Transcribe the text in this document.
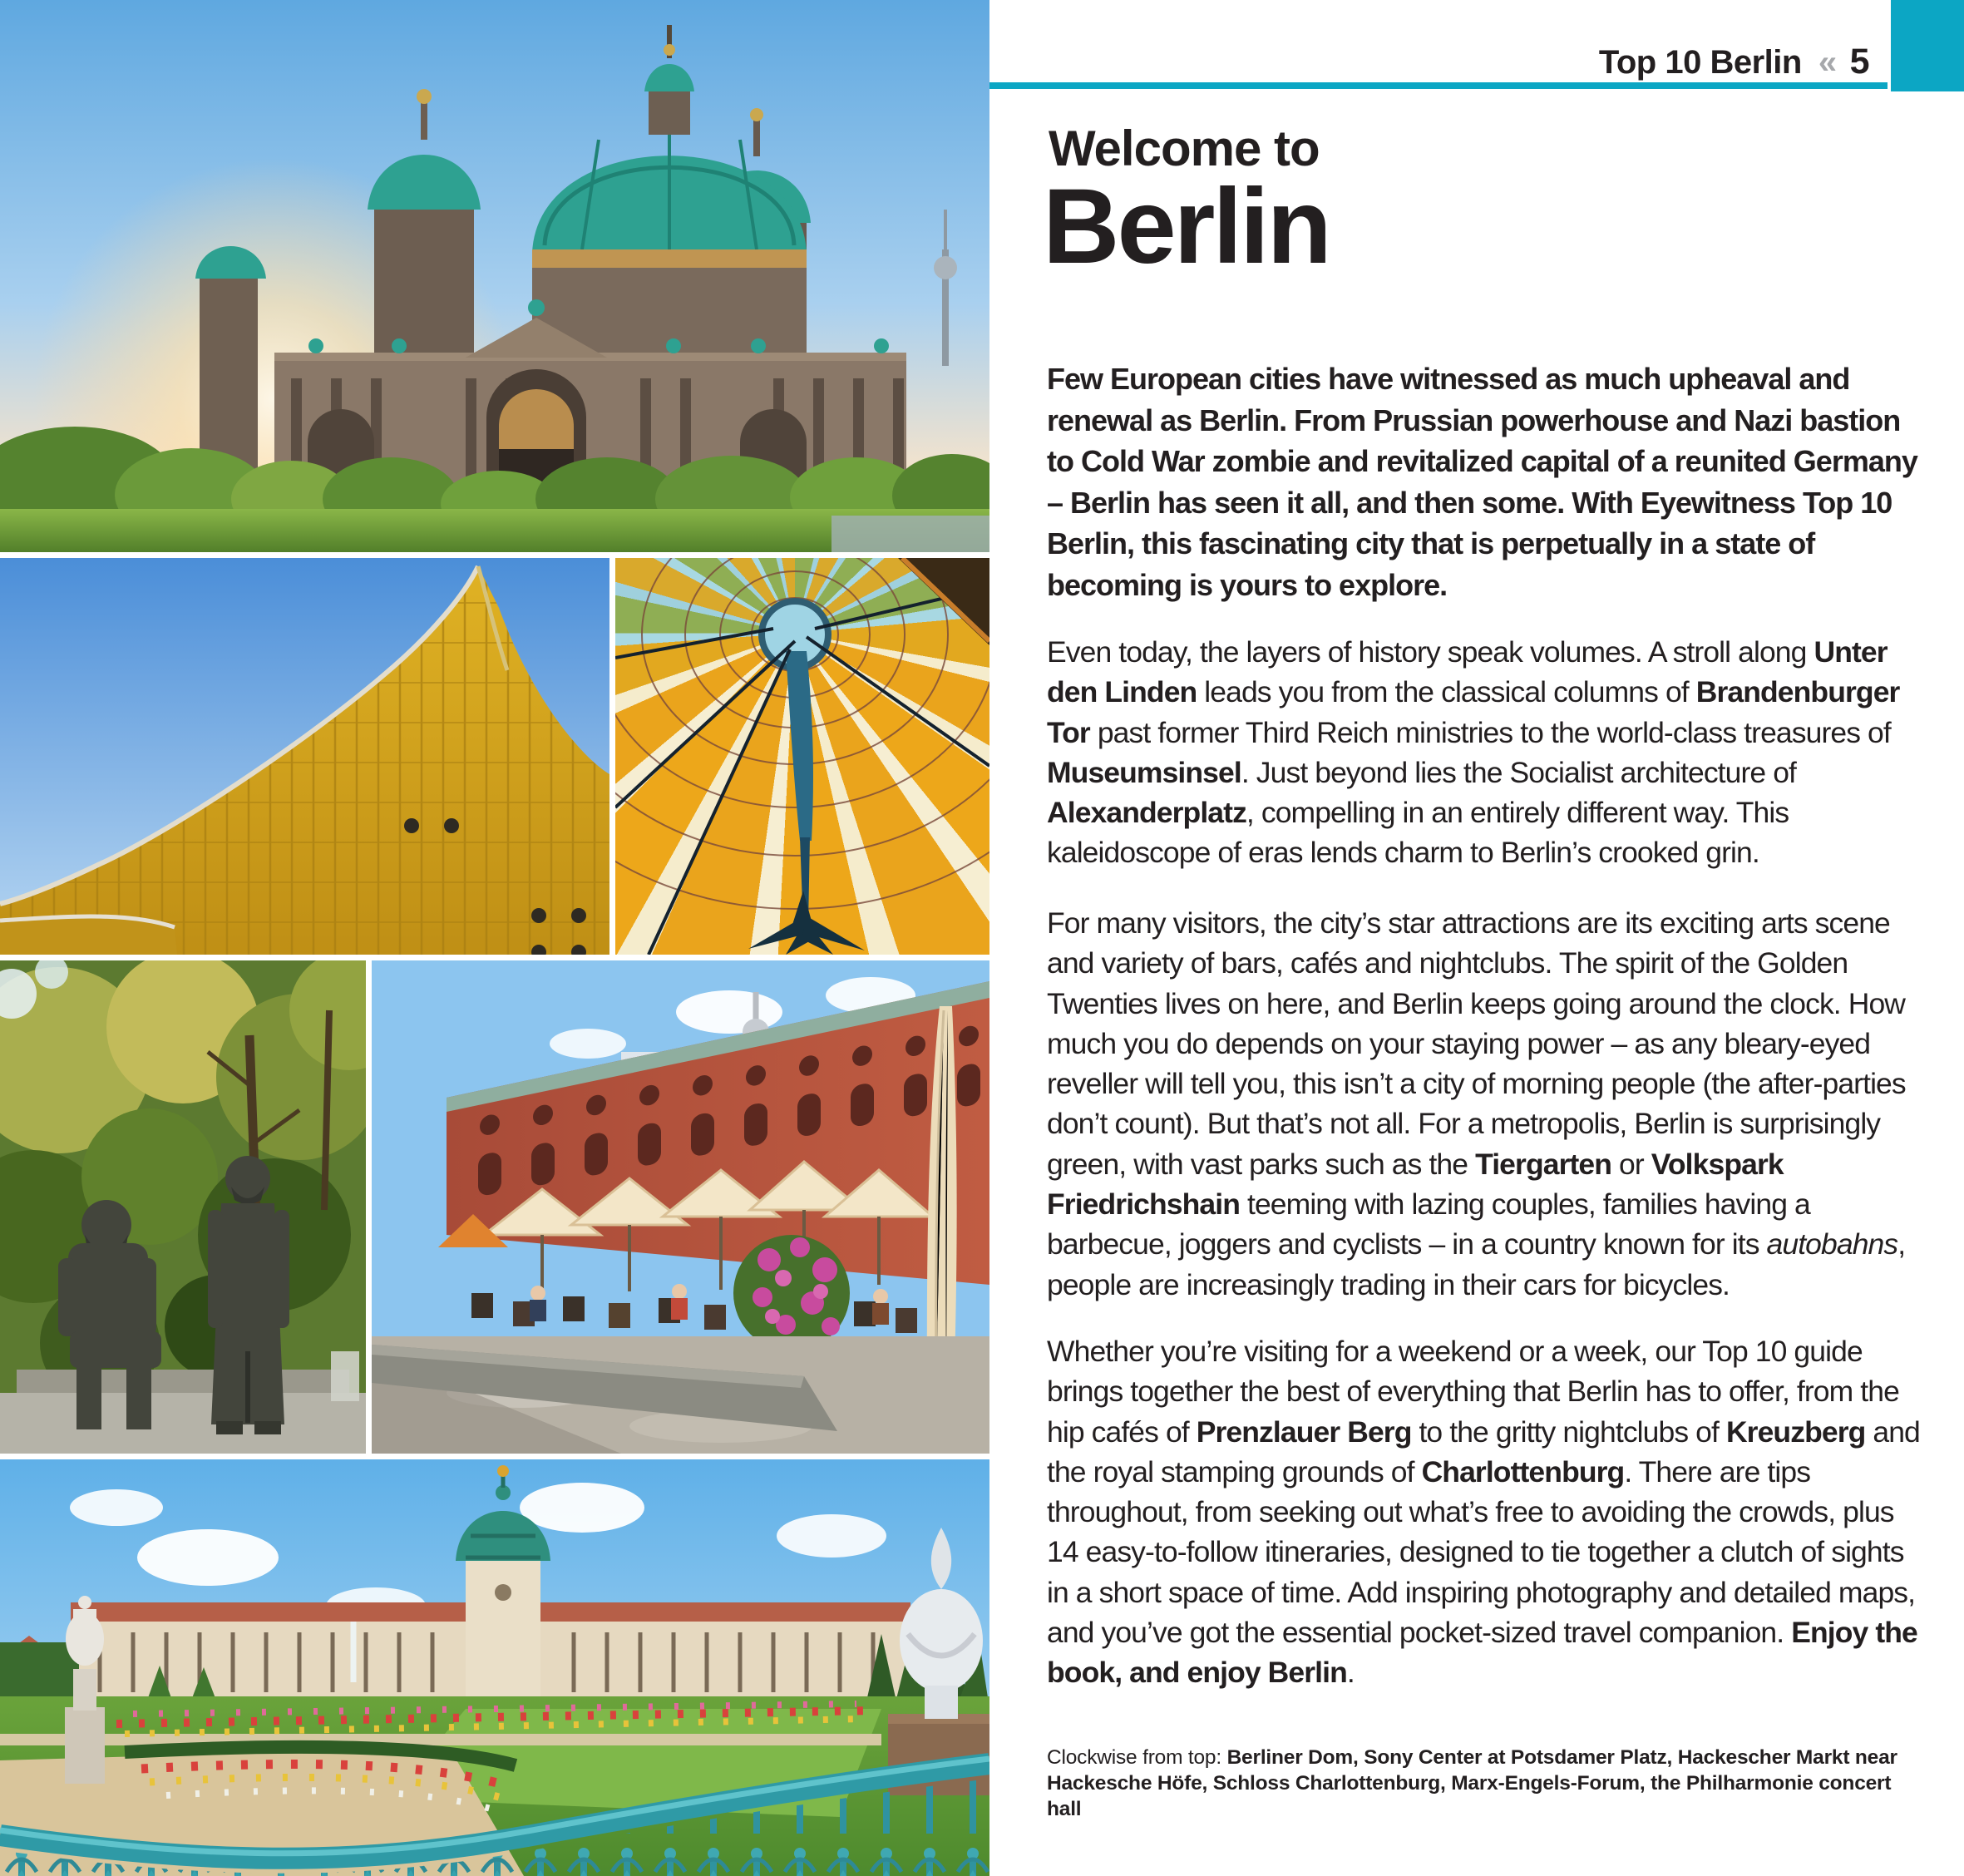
Top 10 Berlin « 5
Welcome to
Berlin

Few European cities have witnessed as much upheaval and renewal as Berlin. From Prussian powerhouse and Nazi bastion to Cold War zombie and revitalized capital of a reunited Germany – Berlin has seen it all, and then some. With Eyewitness Top 10 Berlin, this fascinating city that is perpetually in a state of becoming is yours to explore.

Even today, the layers of history speak volumes. A stroll along Unter den Linden leads you from the classical columns of Brandenburger Tor past former Third Reich ministries to the world-class treasures of Museumsinsel. Just beyond lies the Socialist architecture of Alexanderplatz, compelling in an entirely different way. This kaleidoscope of eras lends charm to Berlin’s crooked grin.

For many visitors, the city’s star attractions are its exciting arts scene and variety of bars, cafés and nightclubs. The spirit of the Golden Twenties lives on here, and Berlin keeps going around the clock. How much you do depends on your staying power – as any bleary-eyed reveller will tell you, this isn’t a city of morning people (the after-parties don’t count). But that’s not all. For a metropolis, Berlin is surprisingly green, with vast parks such as the Tiergarten or Volkspark Friedrichshain teeming with lazing couples, families having a barbecue, joggers and cyclists – in a country known for its autobahns, people are increasingly trading in their cars for bicycles.

Whether you’re visiting for a weekend or a week, our Top 10 guide brings together the best of everything that Berlin has to offer, from the hip cafés of Prenzlauer Berg to the gritty nightclubs of Kreuzberg and the royal stamping grounds of Charlottenburg. There are tips throughout, from seeking out what’s free to avoiding the crowds, plus 14 easy-to-follow itineraries, designed to tie together a clutch of sights in a short space of time. Add inspiring photography and detailed maps, and you’ve got the essential pocket-sized travel companion. Enjoy the book, and enjoy Berlin.

Clockwise from top: Berliner Dom, Sony Center at Potsdamer Platz, Hackescher Markt near Hackesche Höfe, Schloss Charlottenburg, Marx-Engels-Forum, the Philharmonie concert hall
